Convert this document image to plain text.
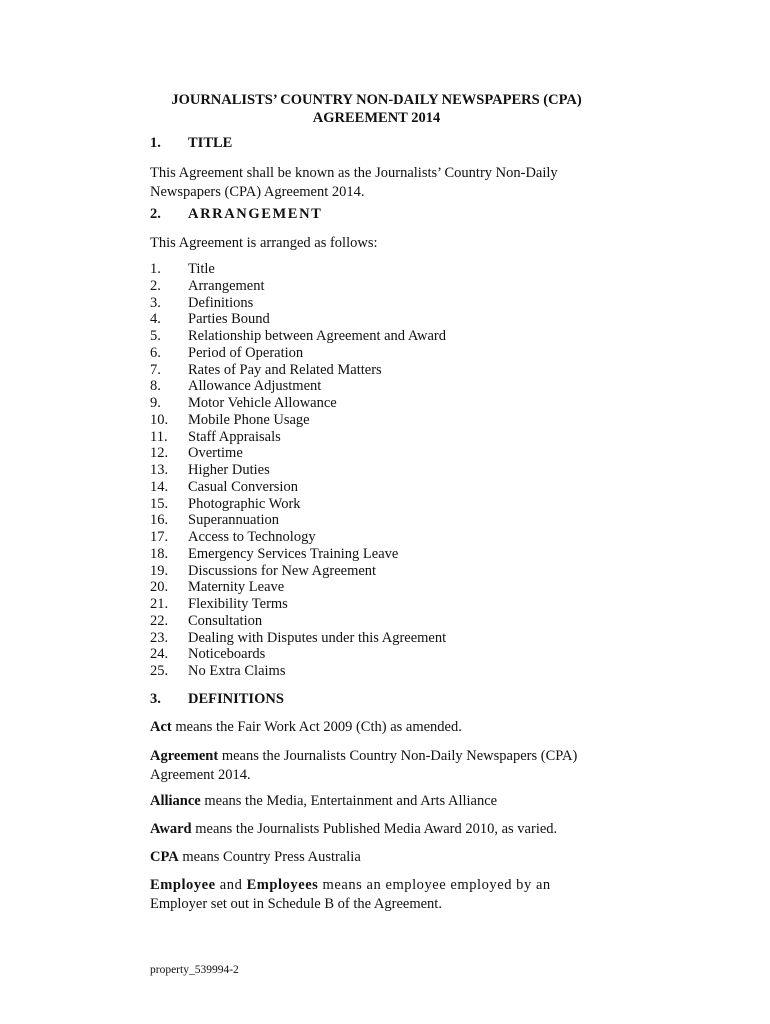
JOURNALISTS’ COUNTRY NON-DAILY NEWSPAPERS (CPA)
AGREEMENT 2014
1. TITLE

This Agreement shall be known as the Journalists’ Country Non-Daily
Newspapers (CPA) Agreement 2014.

2. ARRANGEMENT

This Agreement is arranged as follows:

1. Title
2. Arrangement
3. Definitions
4. Parties Bound
5. Relationship between Agreement and Award
6. Period of Operation
7. Rates of Pay and Related Matters
8. Allowance Adjustment
9. Motor Vehicle Allowance
10. Mobile Phone Usage
11. Staff Appraisals
12. Overtime
13. Higher Duties
14. Casual Conversion
15. Photographic Work
16. Superannuation
17. Access to Technology
18. Emergency Services Training Leave
19. Discussions for New Agreement
20. Maternity Leave
21. Flexibility Terms
22. Consultation
23. Dealing with Disputes under this Agreement
24. Noticeboards
25. No Extra Claims
3. DEFINITIONS

Act means the Fair Work Act 2009 (Cth) as amended.

Agreement means the Journalists Country Non-Daily Newspapers (CPA)
Agreement 2014.

Alliance means the Media, Entertainment and Arts Alliance

Award means the Journalists Published Media Award 2010, as varied.

CPA means Country Press Australia

Employee and Employees means an employee employed by an
Employer set out in Schedule B of the Agreement.

property_539994-2
